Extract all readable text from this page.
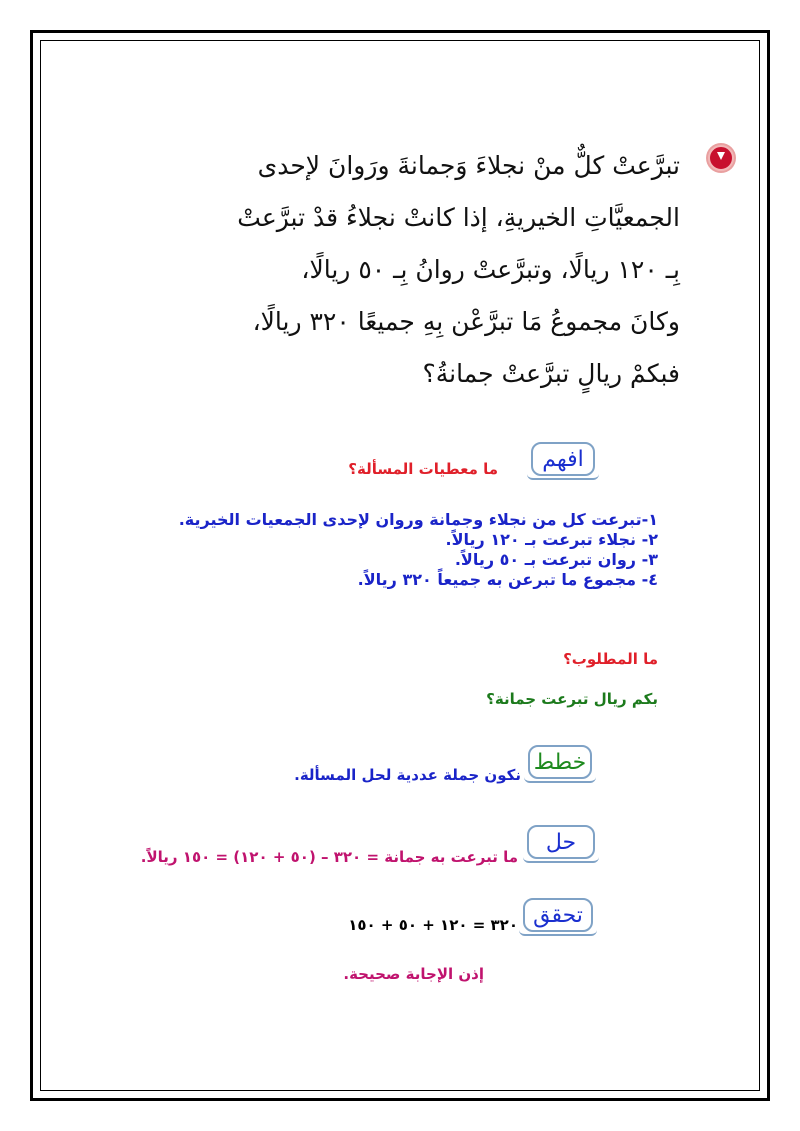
تبرَّعتْ كلٌّ منْ نجلاءَ وَجمانةَ ورَوانَ لإحدى
الجمعيَّاتِ الخيريةِ، إذا كانتْ نجلاءُ قدْ تبرَّعتْ
بِـ ١٢٠ ريالًا، وتبرَّعتْ روانُ بِـ ٥٠ ريالًا،
وكانَ مجموعُ مَا تبرَّعْن بِهِ جميعًا ٣٢٠ ريالًا،
فبكمْ ريالٍ تبرَّعتْ جمانةُ؟
افهم
ما معطيات المسألة؟
١-تبرعت كل من نجلاء وجمانة وروان لإحدى الجمعيات الخيرية.
٢- نجلاء تبرعت بـ ١٢٠ ريالاً.
٣- روان تبرعت بـ ٥٠ ريالاً.
٤- مجموع ما تبرعن به جميعاً ٣٢٠ ريالاً.
ما المطلوب؟
بكم ريال تبرعت جمانة؟
خطط
نكون جملة عددية لحل المسألة.
حل
ما تبرعت به جمانة = ٣٢٠ – (٥٠ + ١٢٠) = ١٥٠ ريالاً.
تحقق
٣٢٠ = ١٢٠ + ٥٠ + ١٥٠
إذن الإجابة صحيحة.
